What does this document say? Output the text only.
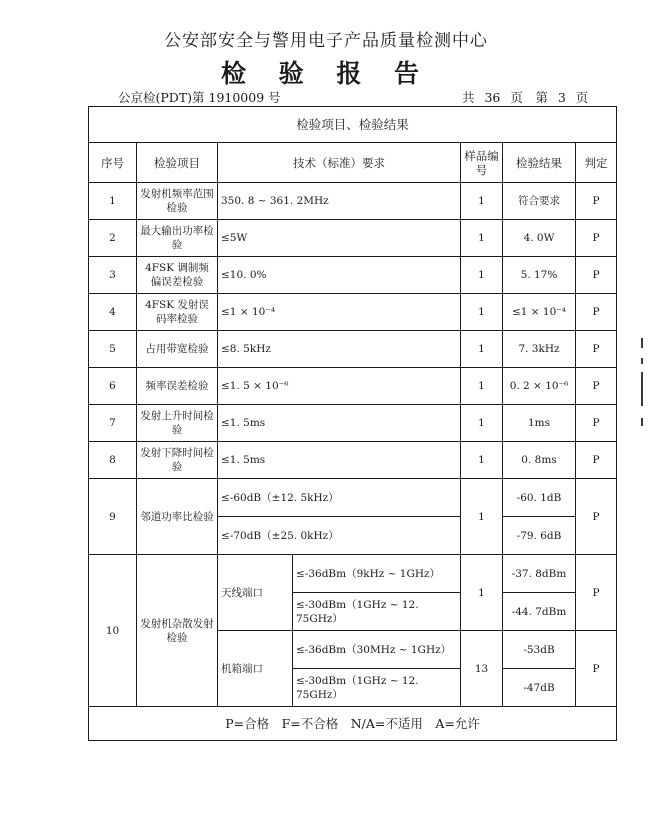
公安部安全与警用电子产品质量检测中心
检 验 报 告
公京检(PDT)第 1910009 号	共 36 页　第 3 页
检验项目、检验结果						
序号	检验项目	技术（标准）要求		样品编号	检验结果	判定
1	发射机频率范围检验	350. 8 ~ 361. 2MHz		1	符合要求	P
2	最大输出功率检验	≤5W		1	4. 0W	P
3	4FSK 调制频偏误差检验	≤10. 0%		1	5. 17%	P
4	4FSK 发射误码率检验	≤1 × 10⁻⁴		1	≤1 × 10⁻⁴	P
5	占用带宽检验	≤8. 5kHz		1	7. 3kHz	P
6	频率误差检验	≤1. 5 × 10⁻⁶		1	0. 2 × 10⁻⁶	P
7	发射上升时间检验	≤1. 5ms		1	1ms	P
8	发射下降时间检验	≤1. 5ms		1	0. 8ms	P
9	邻道功率比检验	≤-60dB（±12. 5kHz）		1	-60. 1dB	P
		≤-70dB（±25. 0kHz）			-79. 6dB	
10	发射机杂散发射检验	天线端口	≤-36dBm（9kHz ~ 1GHz）	1	-37. 8dBm	P
			≤-30dBm（1GHz ~ 12. 75GHz）		-44. 7dBm	
		机箱端口	≤-36dBm（30MHz ~ 1GHz）	13	-53dB	P
			≤-30dBm（1GHz ~ 12. 75GHz）		-47dB	
P=合格　F=不合格　N/A=不适用　A=允许						
